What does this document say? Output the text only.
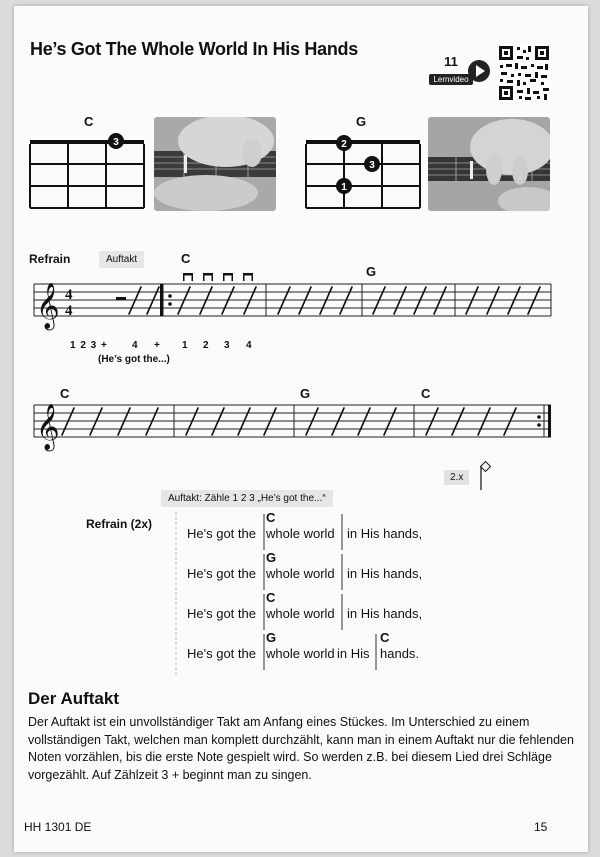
He’s Got The Whole World In His Hands
11
Lernvideo
C
3
G
2
3
1
Refrain	Auftakt	C
G
𝄞 4
4
1 2 3 +	4 + 1 2 3 4
(He’s got the...)
C	G	C
𝄞
2.x
Auftakt: Zähle 1 2 3 „He’s got the...“
Refrain (2x)
He's got the
C
whole world in His hands,
He's got the
G
whole world in His hands,
He's got the
C
whole world in His hands,
He's got the
G
whole world in His
C
hands.
Der Auftakt
Der Auftakt ist ein unvollständiger Takt am Anfang eines Stückes. Im Unterschied zu einem vollständigen Takt, welchen man komplett durchzählt, kann man in einem Auftakt nur die fehlenden Noten vorzählen, bis die erste Note gespielt wird. So werden z.B. bei diesem Lied drei Schläge vorgezählt. Auf Zählzeit 3 + beginnt man zu singen.
HH 1301 DE	15
